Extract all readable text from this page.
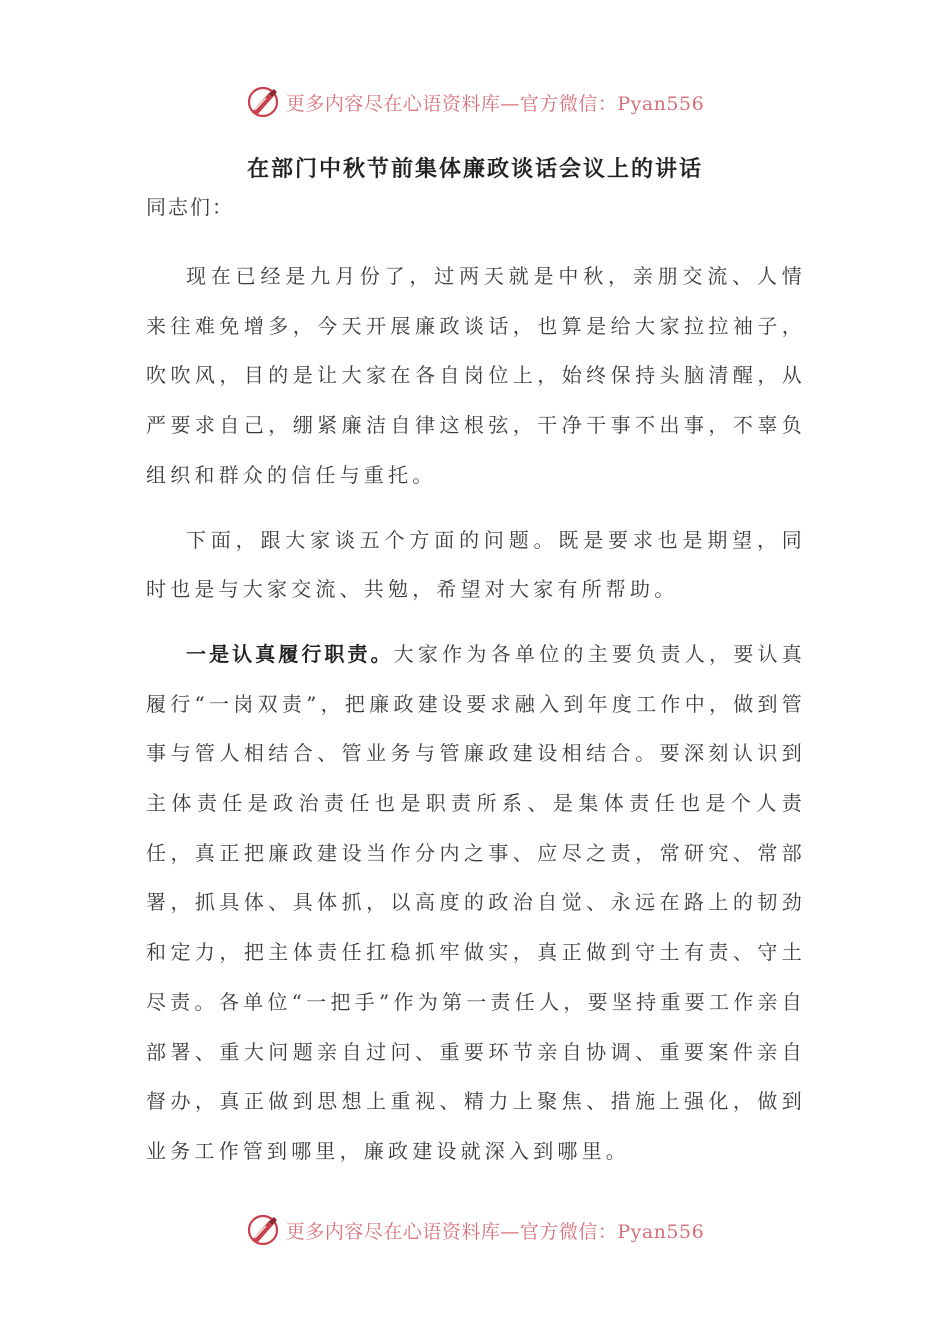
更多内容尽在心语资料库—官方微信：Pyan556
在部门中秋节前集体廉政谈话会议上的讲话

同志们：

现在已经是九月份了，过两天就是中秋，亲朋交流、人情来往难免增多，今天开展廉政谈话，也算是给大家拉拉袖子，吹吹风，目的是让大家在各自岗位上，始终保持头脑清醒，从严要求自己，绷紧廉洁自律这根弦，干净干事不出事，不辜负组织和群众的信任与重托。

下面，跟大家谈五个方面的问题。既是要求也是期望，同时也是与大家交流、共勉，希望对大家有所帮助。

一是认真履行职责。大家作为各单位的主要负责人，要认真履行“一岗双责”，把廉政建设要求融入到年度工作中，做到管事与管人相结合、管业务与管廉政建设相结合。要深刻认识到主体责任是政治责任也是职责所系、是集体责任也是个人责任，真正把廉政建设当作分内之事、应尽之责，常研究、常部署，抓具体、具体抓，以高度的政治自觉、永远在路上的韧劲和定力，把主体责任扛稳抓牢做实，真正做到守土有责、守土尽责。各单位“一把手”作为第一责任人，要坚持重要工作亲自部署、重大问题亲自过问、重要环节亲自协调、重要案件亲自督办，真正做到思想上重视、精力上聚焦、措施上强化，做到业务工作管到哪里，廉政建设就深入到哪里。

更多内容尽在心语资料库—官方微信：Pyan556
